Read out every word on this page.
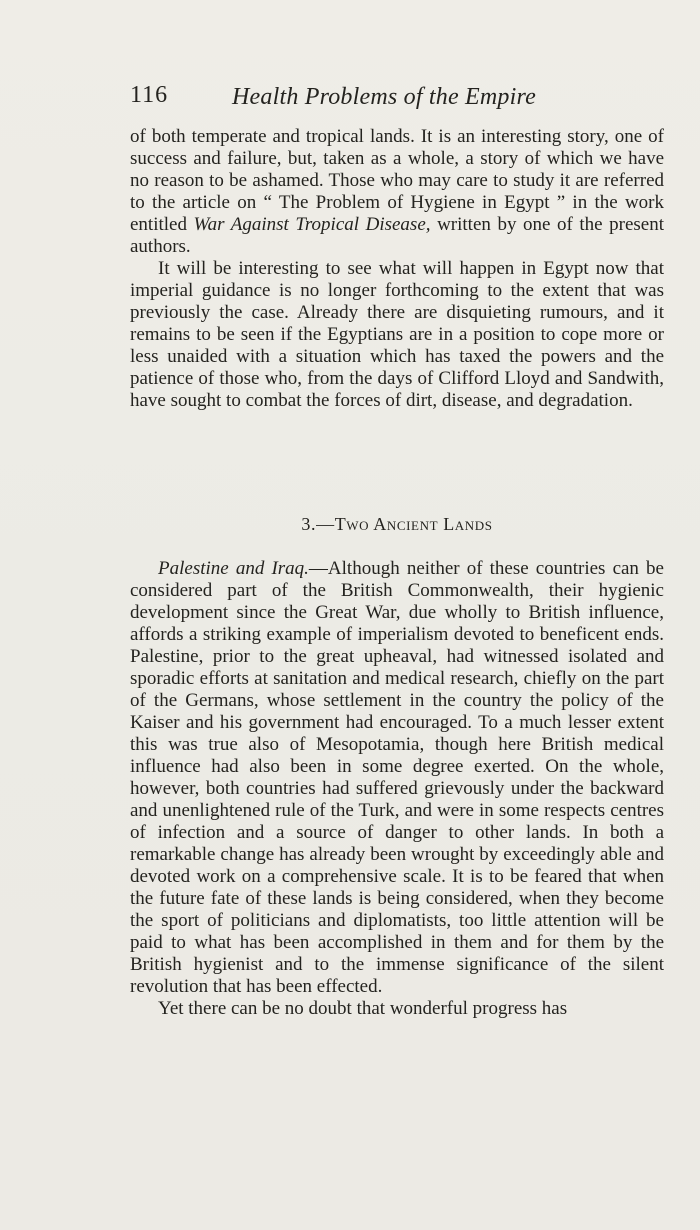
116	Health Problems of the Empire

of both temperate and tropical lands. It is an interesting story, one of success and failure, but, taken as a whole, a story of which we have no reason to be ashamed. Those who may care to study it are referred to the article on “ The Problem of Hygiene in Egypt ” in the work entitled War Against Tropical Disease, written by one of the present authors.

It will be interesting to see what will happen in Egypt now that imperial guidance is no longer forthcoming to the extent that was previously the case. Already there are disquieting rumours, and it remains to be seen if the Egyptians are in a position to cope more or less unaided with a situation which has taxed the powers and the patience of those who, from the days of Clifford Lloyd and Sandwith, have sought to combat the forces of dirt, disease, and degradation.

3.—Two Ancient Lands

Palestine and Iraq.—Although neither of these countries can be considered part of the British Commonwealth, their hygienic development since the Great War, due wholly to British influence, affords a striking example of imperialism devoted to beneficent ends. Palestine, prior to the great upheaval, had witnessed isolated and sporadic efforts at sanitation and medical research, chiefly on the part of the Germans, whose settlement in the country the policy of the Kaiser and his government had encouraged. To a much lesser extent this was true also of Mesopotamia, though here British medical influence had also been in some degree exerted. On the whole, however, both countries had suffered grievously under the backward and unenlightened rule of the Turk, and were in some respects centres of infection and a source of danger to other lands. In both a remarkable change has already been wrought by exceedingly able and devoted work on a comprehensive scale. It is to be feared that when the future fate of these lands is being considered, when they become the sport of politicians and diplomatists, too little attention will be paid to what has been accomplished in them and for them by the British hygienist and to the immense significance of the silent revolution that has been effected.

Yet there can be no doubt that wonderful progress has
